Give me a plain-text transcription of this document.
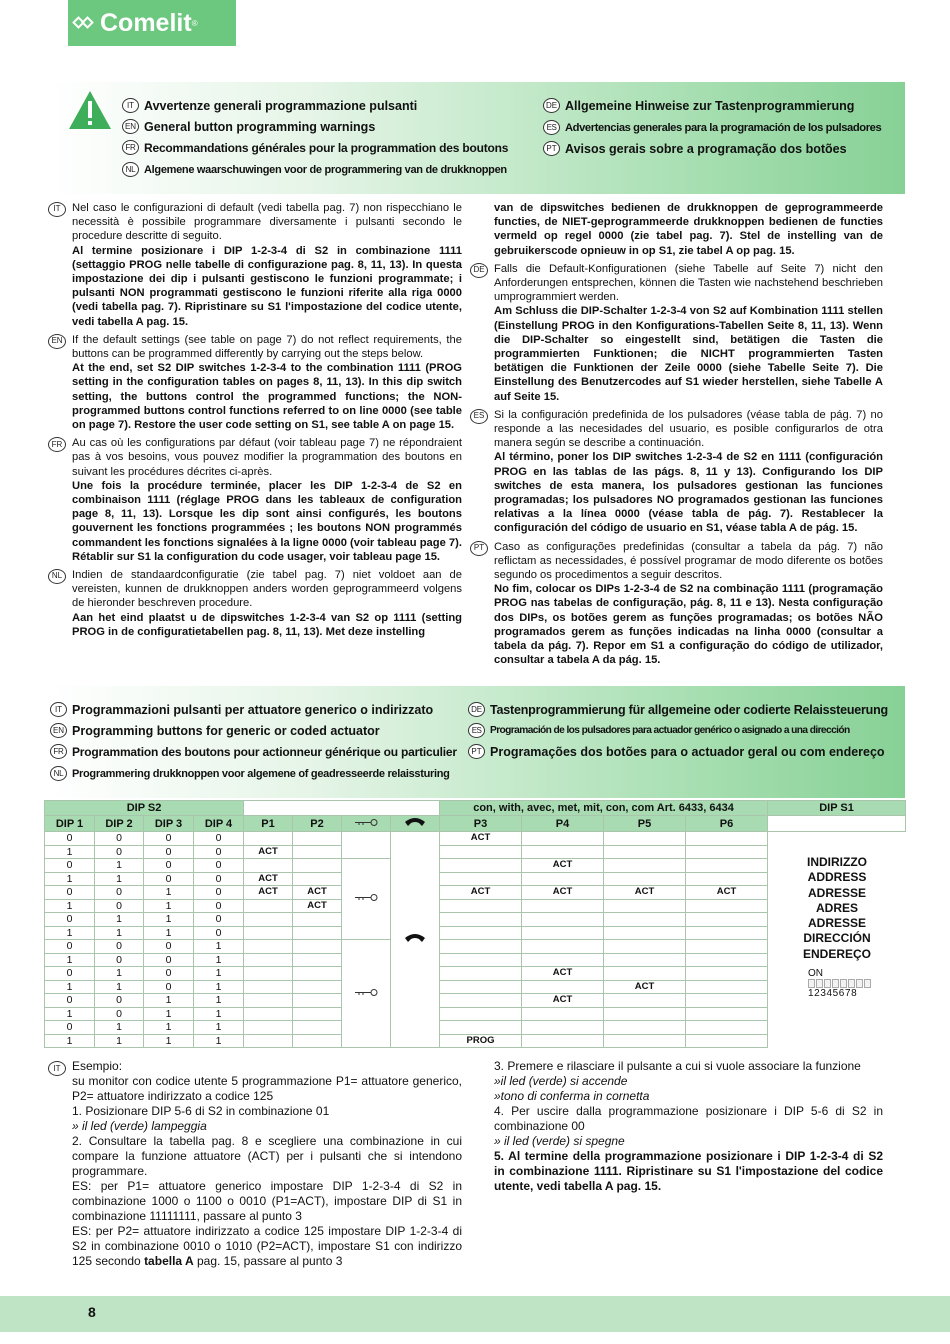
Comelit ®
IT Avvertenze generali programmazione pulsanti
EN General button programming warnings
FR Recommandations générales pour la programmation des boutons
NL Algemene waarschuwingen voor de programmering van de drukknoppen
DE Allgemeine Hinweise zur Tastenprogrammierung
ES Advertencias generales para la programación de los pulsadores
PT Avisos gerais sobre a programação dos botões

IT	Nel caso le configurazioni di default (vedi tabella pag. 7) non rispecchiano le necessità è possibile programmare diversamente i pulsanti secondo le procedure descritte di seguito.
Al termine posizionare i DIP 1-2-3-4 di S2 in combinazione 1111 (settaggio PROG nelle tabelle di configurazione pag. 8, 11, 13). In questa impostazione dei dip i pulsanti gestiscono le funzioni programmate; i pulsanti NON programmati gestiscono le funzioni riferite alla riga 0000 (vedi tabella pag. 7). Ripristinare su S1 l'impostazione del codice utente, vedi tabella A pag. 15.

EN If the default settings (see table on page 7) do not reflect requirements, the buttons can be programmed differently by carrying out the steps below.
At the end, set S2 DIP switches 1-2-3-4 to the combination 1111 (PROG setting in the configuration tables on pages 8, 11, 13). In this dip switch setting, the buttons control the programmed functions; the NON-programmed buttons control functions referred to on line 0000 (see table on page 7). Restore the user code setting on S1, see table A on page 15.

FR Au cas où les configurations par défaut (voir tableau page 7) ne répondraient pas à vos besoins, vous pouvez modifier la programmation des boutons en suivant les procédures décrites ci-après.
Une fois la procédure terminée, placer les DIP 1-2-3-4 de S2 en combinaison 1111 (réglage PROG dans les tableaux de configuration page 8, 11, 13). Lorsque les dip sont ainsi configurés, les boutons gouvernent les fonctions programmées ; les boutons NON programmés commandent les fonctions signalées à la ligne 0000 (voir tableau page 7). Rétablir sur S1 la configuration du code usager, voir tableau page 15.

NL Indien de standaardconfiguratie (zie tabel pag. 7) niet voldoet aan de vereisten, kunnen de drukknoppen anders worden geprogrammeerd volgens de hieronder beschreven procedure.
Aan het eind plaatst u de dipswitches 1-2-3-4 van S2 op 1111 (setting PROG in de configuratietabellen pag. 8, 11, 13). Met deze instelling

van de dipswitches bedienen de drukknoppen de geprogrammeerde functies, de NIET-geprogrammeerde drukknoppen bedienen de functies vermeld op regel 0000 (zie tabel pag. 7). Stel de instelling van de gebruikerscode opnieuw in op S1, zie tabel A op pag. 15.

DE Falls die Default-Konfigurationen (siehe Tabelle auf Seite 7) nicht den Anforderungen entsprechen, können die Tasten wie nachstehend beschrieben umprogrammiert werden.
Am Schluss die DIP-Schalter 1-2-3-4 von S2 auf Kombination 1111 stellen (Einstellung PROG in den Konfigurations-Tabellen Seite 8, 11, 13). Wenn die DIP-Schalter so eingestellt sind, betätigen die Tasten die programmierten Funktionen; die NICHT programmierten Tasten betätigen die Funktionen der Zeile 0000 (siehe Tabelle Seite 7). Die Einstellung des Benutzercodes auf S1 wieder herstellen, siehe Tabelle A auf Seite 15.

ES Si la configuración predefinida de los pulsadores (véase tabla de pág. 7) no responde a las necesidades del usuario, es posible configurarlos de otra manera según se describe a continuación.
Al término, poner los DIP switches 1-2-3-4 de S2 en 1111 (configuración PROG en las tablas de las págs. 8, 11 y 13). Configurando los DIP switches de esta manera, los pulsadores gestionan las funciones programadas; los pulsadores NO programados gestionan las funciones relativas a la línea 0000 (véase tabla de pág. 7). Restablecer la configuración del código de usuario en S1, véase tabla A de pág. 15.

PT Caso as configurações predefinidas (consultar a tabela da pág. 7) não reflictam as necessidades, é possível programar de modo diferente os botões segundo os procedimentos a seguir descritos.
No fim, colocar os DIPs 1-2-3-4 de S2 na combinação 1111 (programação PROG nas tabelas de configuração, pág. 8, 11 e 13). Nesta configuração dos DIPs, os botões gerem as funções programadas; os botões NÃO programados gerem as funções indicadas na linha 0000 (consultar a tabela da pág. 7). Repor em S1 a configuração do código de utilizador, consultar a tabela A da pág. 15.

IT Programmazioni pulsanti per attuatore generico o indirizzato
EN Programming buttons for generic or coded actuator
FR Programmation des boutons pour actionneur générique ou particulier
NL Programmering drukknoppen voor algemene of geadresseerde relaissturing
DE Tastenprogrammierung für allgemeine oder codierte Relaissteuerung
ES Programación de los pulsadores para actuador genérico o asignado a una dirección
PT Programações dos botões para o actuador geral ou com endereço
DIP S2								con, with, avec, met, mit, con, com Art. 6433, 6434				DIP S1
DIP 1	DIP 2	DIP 3	DIP 4	P1	P2			P3	P4	P5	P6	
0	0	0	0					ACT				
1	0	0	0	ACT								
0	1	0	0						ACT			
1	1	0	0	ACT								
0	0	1	0	ACT	ACT			ACT	ACT	ACT	ACT	
1	0	1	0		ACT							
0	1	1	0									
1	1	1	0									
0	0	0	1							
1	0	0	1									
0	1	0	1						ACT			
1	1	0	1							ACT		
0	0	1	1						ACT			
1	0	1	1									
0	1	1	1									
1	1	1	1					PROG				
INDIRIZZO
ADDRESS
ADRESSE
ADRES
ADRESSE
DIRECCIÓN
ENDEREÇO
ON
12345678

IT Esempio:

su monitor con codice utente 5 programmazione P1= attuatore generico, P2= attuatore indirizzato a codice 125

1. Posizionare DIP 5-6 di S2 in combinazione 01

» il led (verde) lampeggia

2. Consultare la tabella pag. 8 e scegliere una combinazione in cui compare la funzione attuatore (ACT) per i pulsanti che si intendono programmare.

ES: per P1= attuatore generico impostare DIP 1-2-3-4 di S2 in combinazione 1000 o 1100 o 0010 (P1=ACT), impostare DIP di S1 in combinazione 11111111, passare al punto 3

ES: per P2= attuatore indirizzato a codice 125 impostare DIP 1-2-3-4 di S2 in combinazione 0010 o 1010 (P2=ACT), impostare S1 con indirizzo 125 secondo tabella A pag. 15, passare al punto 3

3. Premere e rilasciare il pulsante a cui si vuole associare la funzione

»il led (verde) si accende

»tono di conferma in cornetta

4. Per uscire dalla programmazione posizionare i DIP 5-6 di S2 in combinazione 00

» il led (verde) si spegne

5. Al termine della programmazione posizionare i DIP 1-2-3-4 di S2 in combinazione 1111. Ripristinare su S1 l'impostazione del codice utente, vedi tabella A pag. 15.

8
